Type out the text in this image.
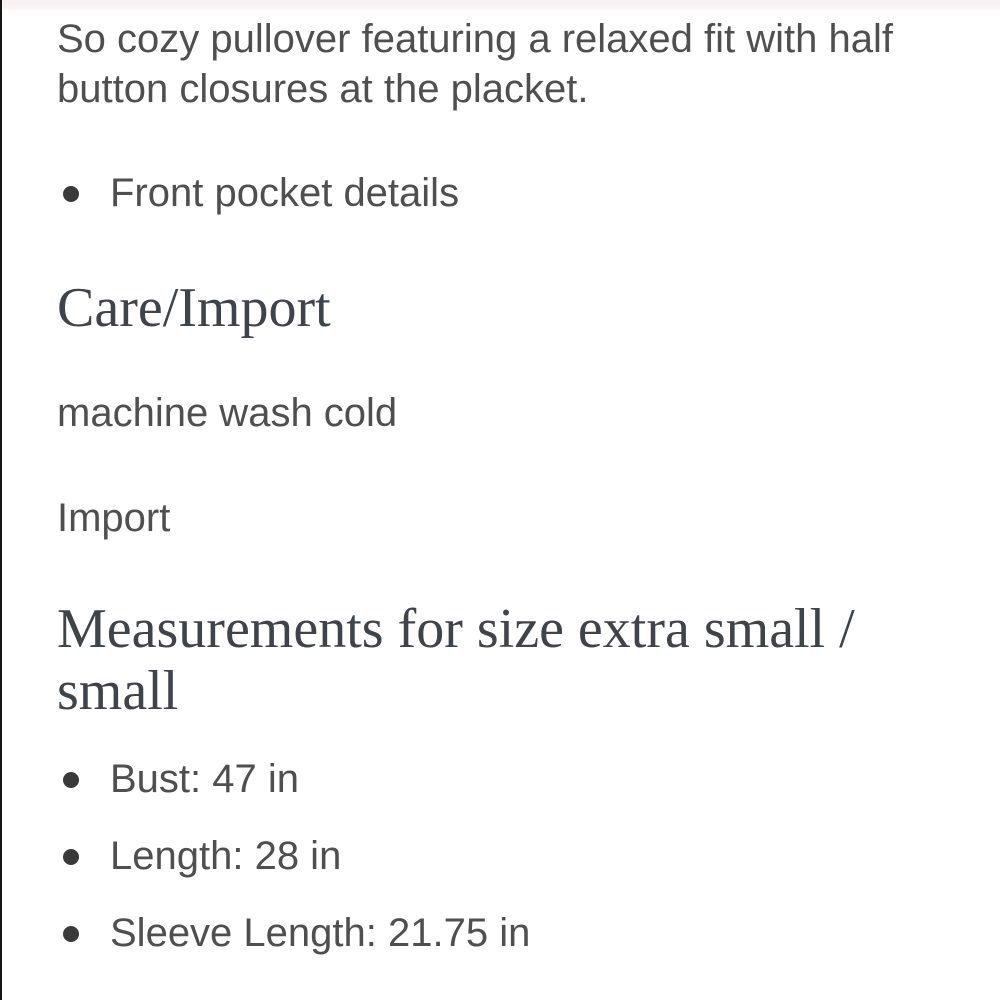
So cozy pullover featuring a relaxed fit with half button closures at the placket.

Front pocket details
Care/Import

machine wash cold

Import

Measurements for size extra small / small
Bust: 47 in
Length: 28 in
Sleeve Length: 21.75 in
